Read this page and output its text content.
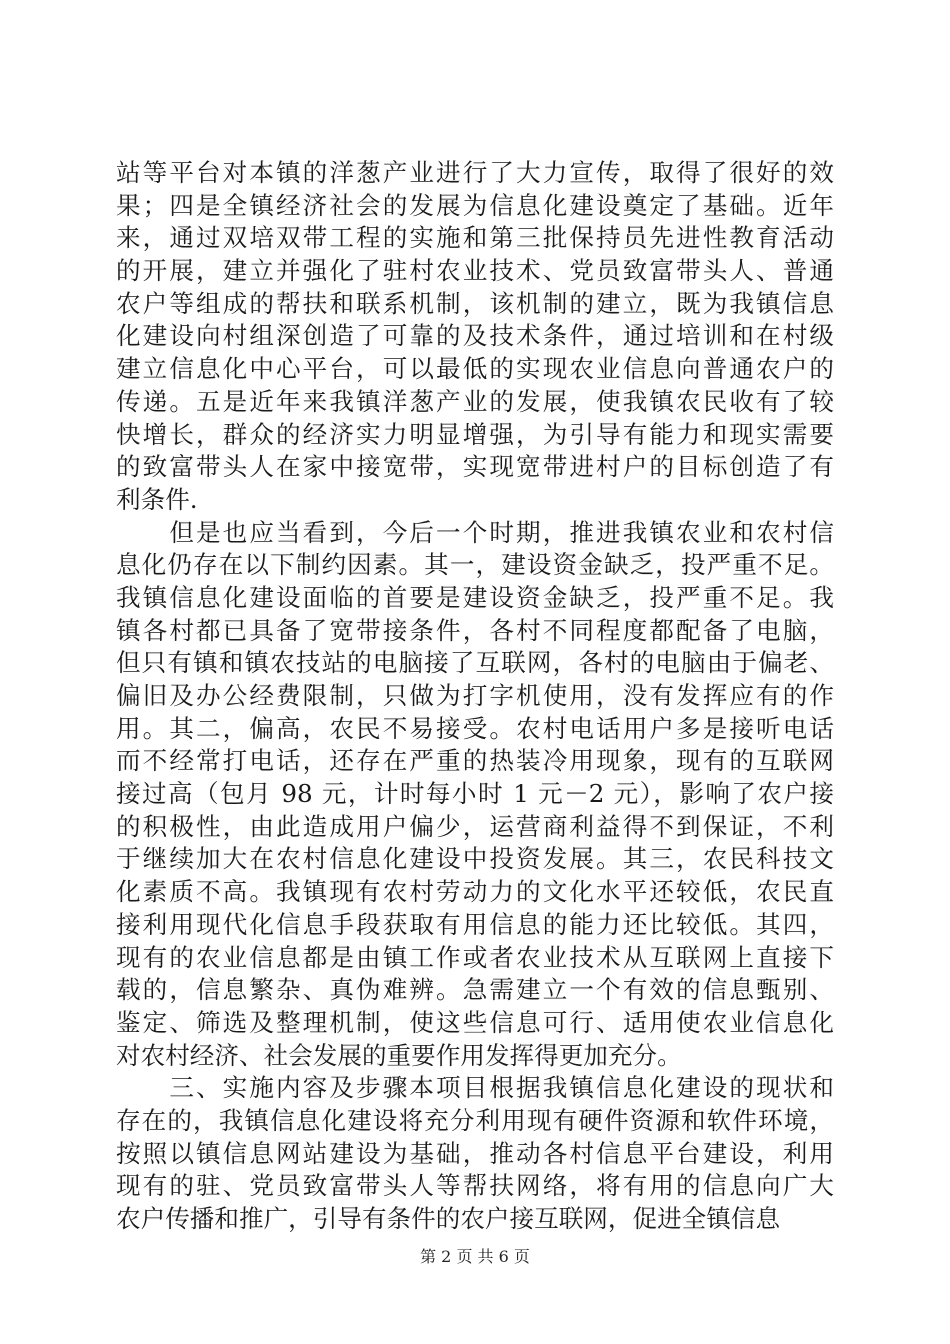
站等平台对本镇的洋葱产业进行了大力宣传，取得了很好的效
果；四是全镇经济社会的发展为信息化建设奠定了基础。近年
来，通过双培双带工程的实施和第三批保持员先进性教育活动
的开展，建立并强化了驻村农业技术、党员致富带头人、普通
农户等组成的帮扶和联系机制，该机制的建立，既为我镇信息
化建设向村组深创造了可靠的及技术条件，通过培训和在村级
建立信息化中心平台，可以最低的实现农业信息向普通农户的
传递。五是近年来我镇洋葱产业的发展，使我镇农民收有了较
快增长，群众的经济实力明显增强，为引导有能力和现实需要
的致富带头人在家中接宽带，实现宽带进村户的目标创造了有
利条件.
　　但是也应当看到，今后一个时期，推进我镇农业和农村信
息化仍存在以下制约因素。其一，建设资金缺乏，投严重不足。
我镇信息化建设面临的首要是建设资金缺乏，投严重不足。我
镇各村都已具备了宽带接条件，各村不同程度都配备了电脑，
但只有镇和镇农技站的电脑接了互联网，各村的电脑由于偏老、
偏旧及办公经费限制，只做为打字机使用，没有发挥应有的作
用。其二，偏高，农民不易接受。农村电话用户多是接听电话
而不经常打电话，还存在严重的热装冷用现象，现有的互联网
接过高（包月 98 元，计时每小时 1 元－2 元），影响了农户接
的积极性，由此造成用户偏少，运营商利益得不到保证，不利
于继续加大在农村信息化建设中投资发展。其三，农民科技文
化素质不高。我镇现有农村劳动力的文化水平还较低，农民直
接利用现代化信息手段获取有用信息的能力还比较低。其四，
现有的农业信息都是由镇工作或者农业技术从互联网上直接下
载的，信息繁杂、真伪难辨。急需建立一个有效的信息甄别、
鉴定、筛选及整理机制，使这些信息可行、适用使农业信息化
对农村经济、社会发展的重要作用发挥得更加充分。
　　三、实施内容及步骤本项目根据我镇信息化建设的现状和
存在的，我镇信息化建设将充分利用现有硬件资源和软件环境，
按照以镇信息网站建设为基础，推动各村信息平台建设，利用
现有的驻、党员致富带头人等帮扶网络，将有用的信息向广大
农户传播和推广，引导有条件的农户接互联网，促进全镇信息
第 2 页 共 6 页
